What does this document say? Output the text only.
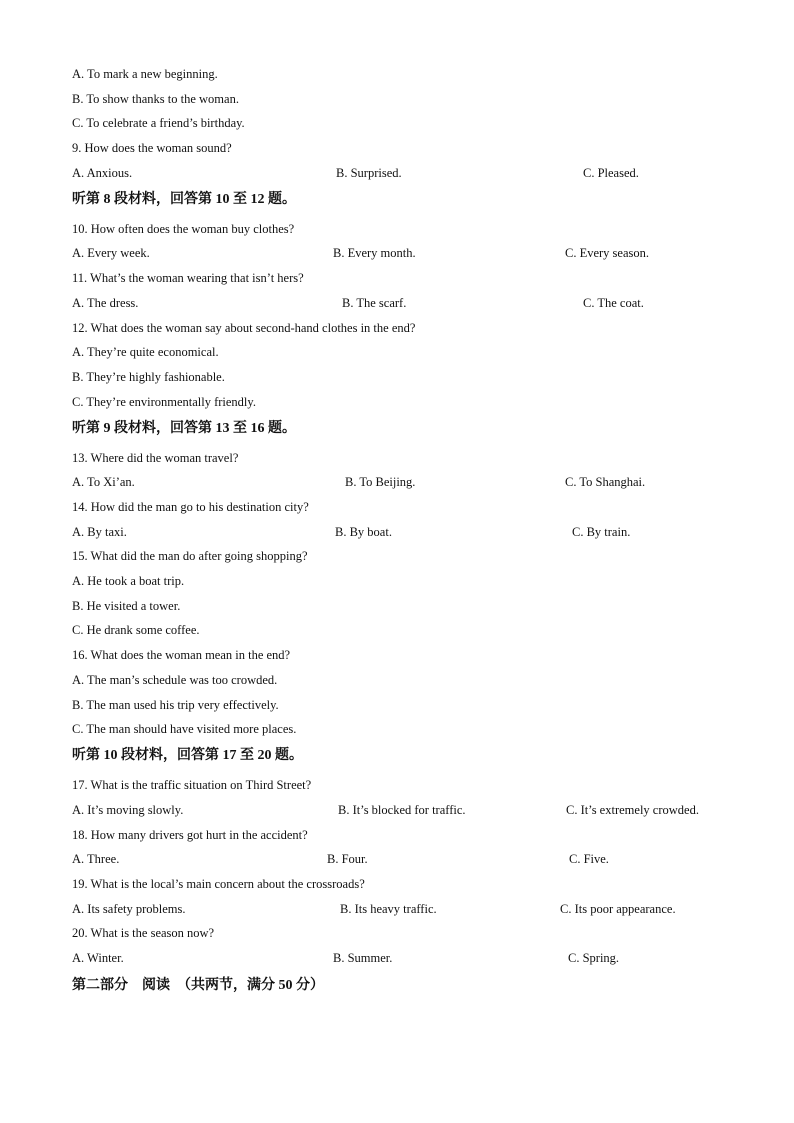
A. To mark a new beginning.
B. To show thanks to the woman.
C. To celebrate a friend’s birthday.
9. How does the woman sound?
A. Anxious.	B. Surprised.	C. Pleased.
听第 8 段材料，回答第 10 至 12 题。
10. How often does the woman buy clothes?
A. Every week.	B. Every month.	C. Every season.
11. What’s the woman wearing that isn’t hers?
A. The dress.	B. The scarf.	C. The coat.
12. What does the woman say about second-hand clothes in the end?
A. They’re quite economical.
B. They’re highly fashionable.
C. They’re environmentally friendly.
听第 9 段材料，回答第 13 至 16 题。
13. Where did the woman travel?
A. To Xi’an.	B. To Beijing.	C. To Shanghai.
14. How did the man go to his destination city?
A. By taxi.	B. By boat.	C. By train.
15. What did the man do after going shopping?
A. He took a boat trip.
B. He visited a tower.
C. He drank some coffee.
16. What does the woman mean in the end?
A. The man’s schedule was too crowded.
B. The man used his trip very effectively.
C. The man should have visited more places.
听第 10 段材料，回答第 17 至 20 题。
17. What is the traffic situation on Third Street?
A. It’s moving slowly.	B. It’s blocked for traffic.	C. It’s extremely crowded.
18. How many drivers got hurt in the accident?
A. Three.	B. Four.	C. Five.
19. What is the local’s main concern about the crossroads?
A. Its safety problems.	B. Its heavy traffic.	C. Its poor appearance.
20. What is the season now?
A. Winter.	B. Summer.	C. Spring.
第二部分　阅读　（共两节，满分 50 分）
